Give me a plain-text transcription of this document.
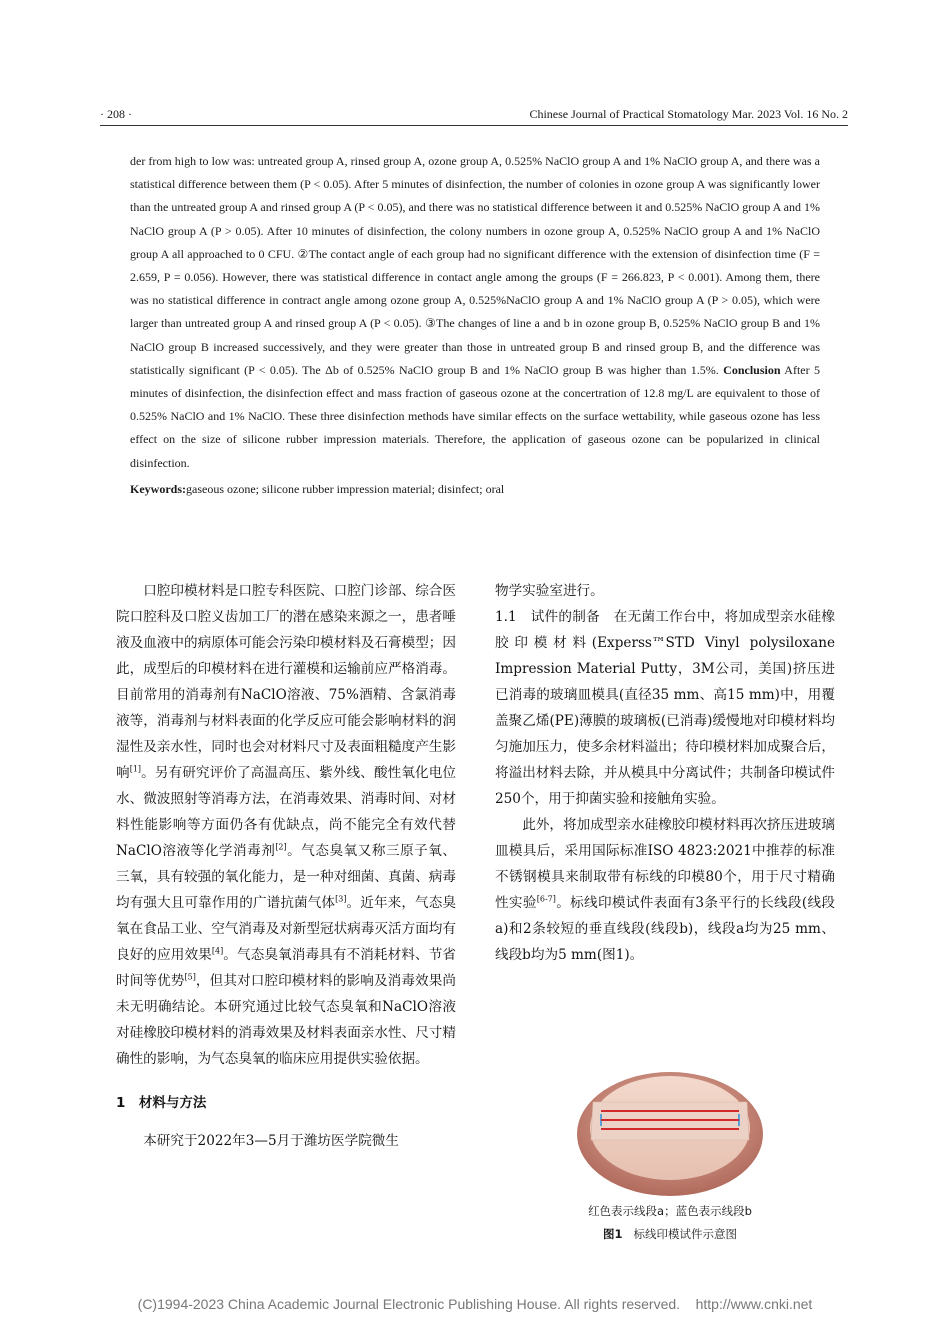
· 208 ·	Chinese Journal of Practical Stomatology Mar. 2023 Vol. 16 No. 2

der from high to low was: untreated group A, rinsed group A, ozone group A, 0.525% NaClO group A and 1% NaClO group A, and there was a statistical difference between them (P < 0.05). After 5 minutes of disinfection, the number of colonies in ozone group A was significantly lower than the untreated group A and rinsed group A (P < 0.05), and there was no statistical difference between it and 0.525% NaClO group A and 1% NaClO group A (P > 0.05). After 10 minutes of disinfection, the colony numbers in ozone group A, 0.525% NaClO group A and 1% NaClO group A all approached to 0 CFU. ②The contact angle of each group had no significant difference with the extension of disinfection time (F = 2.659, P = 0.056). However, there was statistical difference in contact angle among the groups (F = 266.823, P < 0.001). Among them, there was no statistical difference in contract angle among ozone group A, 0.525%NaClO group A and 1% NaClO group A (P > 0.05), which were larger than untreated group A and rinsed group A (P < 0.05). ③The changes of line a and b in ozone group B, 0.525% NaClO group B and 1% NaClO group B increased successively, and they were greater than those in untreated group B and rinsed group B, and the difference was statistically significant (P < 0.05). The Δb of 0.525% NaClO group B and 1% NaClO group B was higher than 1.5%. Conclusion After 5 minutes of disinfection, the disinfection effect and mass fraction of gaseous ozone at the concertration of 12.8 mg/L are equivalent to those of 0.525% NaClO and 1% NaClO. These three disinfection methods have similar effects on the surface wettability, while gaseous ozone has less effect on the size of silicone rubber impression materials. Therefore, the application of gaseous ozone can be popularized in clinical disinfection.

Keywords:gaseous ozone; silicone rubber impression material; disinfect; oral

口腔印模材料是口腔专科医院、口腔门诊部、综合医院口腔科及口腔义齿加工厂的潜在感染来源之一，患者唾液及血液中的病原体可能会污染印模材料及石膏模型；因此，成型后的印模材料在进行灌模和运输前应严格消毒。目前常用的消毒剂有NaClO溶液、75%酒精、含氯消毒液等，消毒剂与材料表面的化学反应可能会影响材料的润湿性及亲水性，同时也会对材料尺寸及表面粗糙度产生影响[1]。另有研究评价了高温高压、紫外线、酸性氧化电位水、微波照射等消毒方法，在消毒效果、消毒时间、对材料性能影响等方面仍各有优缺点，尚不能完全有效代替NaClO溶液等化学消毒剂[2]。气态臭氧又称三原子氧、三氧，具有较强的氧化能力，是一种对细菌、真菌、病毒均有强大且可靠作用的广谱抗菌气体[3]。近年来，气态臭氧在食品工业、空气消毒及对新型冠状病毒灭活方面均有良好的应用效果[4]。气态臭氧消毒具有不消耗材料、节省时间等优势[5]，但其对口腔印模材料的影响及消毒效果尚未无明确结论。本研究通过比较气态臭氧和NaClO溶液对硅橡胶印模材料的消毒效果及材料表面亲水性、尺寸精确性的影响，为气态臭氧的临床应用提供实验依据。

1　材料与方法

本研究于2022年3—5月于潍坊医学院微生

物学实验室进行。

1.1　试件的制备　在无菌工作台中，将加成型亲水硅橡胶印模材料(Experss™STD Vinyl polysiloxane Impression Material Putty，3M公司，美国)挤压进已消毒的玻璃皿模具(直径35 mm、高15 mm)中，用覆盖聚乙烯(PE)薄膜的玻璃板(已消毒)缓慢地对印模材料均匀施加压力，使多余材料溢出；待印模材料加成聚合后，将溢出材料去除，并从模具中分离试件；共制备印模试件250个，用于抑菌实验和接触角实验。

此外，将加成型亲水硅橡胶印模材料再次挤压进玻璃皿模具后，采用国际标准ISO 4823:2021中推荐的标准不锈钢模具来制取带有标线的印模80个，用于尺寸精确性实验[6-7]。标线印模试件表面有3条平行的长线段(线段a)和2条较短的垂直线段(线段b)，线段a均为25 mm、线段b均为5 mm(图1)。

红色表示线段a；蓝色表示线段b
图1 标线印模试件示意图
(C)1994-2023 China Academic Journal Electronic Publishing House. All rights reserved. http://www.cnki.net
